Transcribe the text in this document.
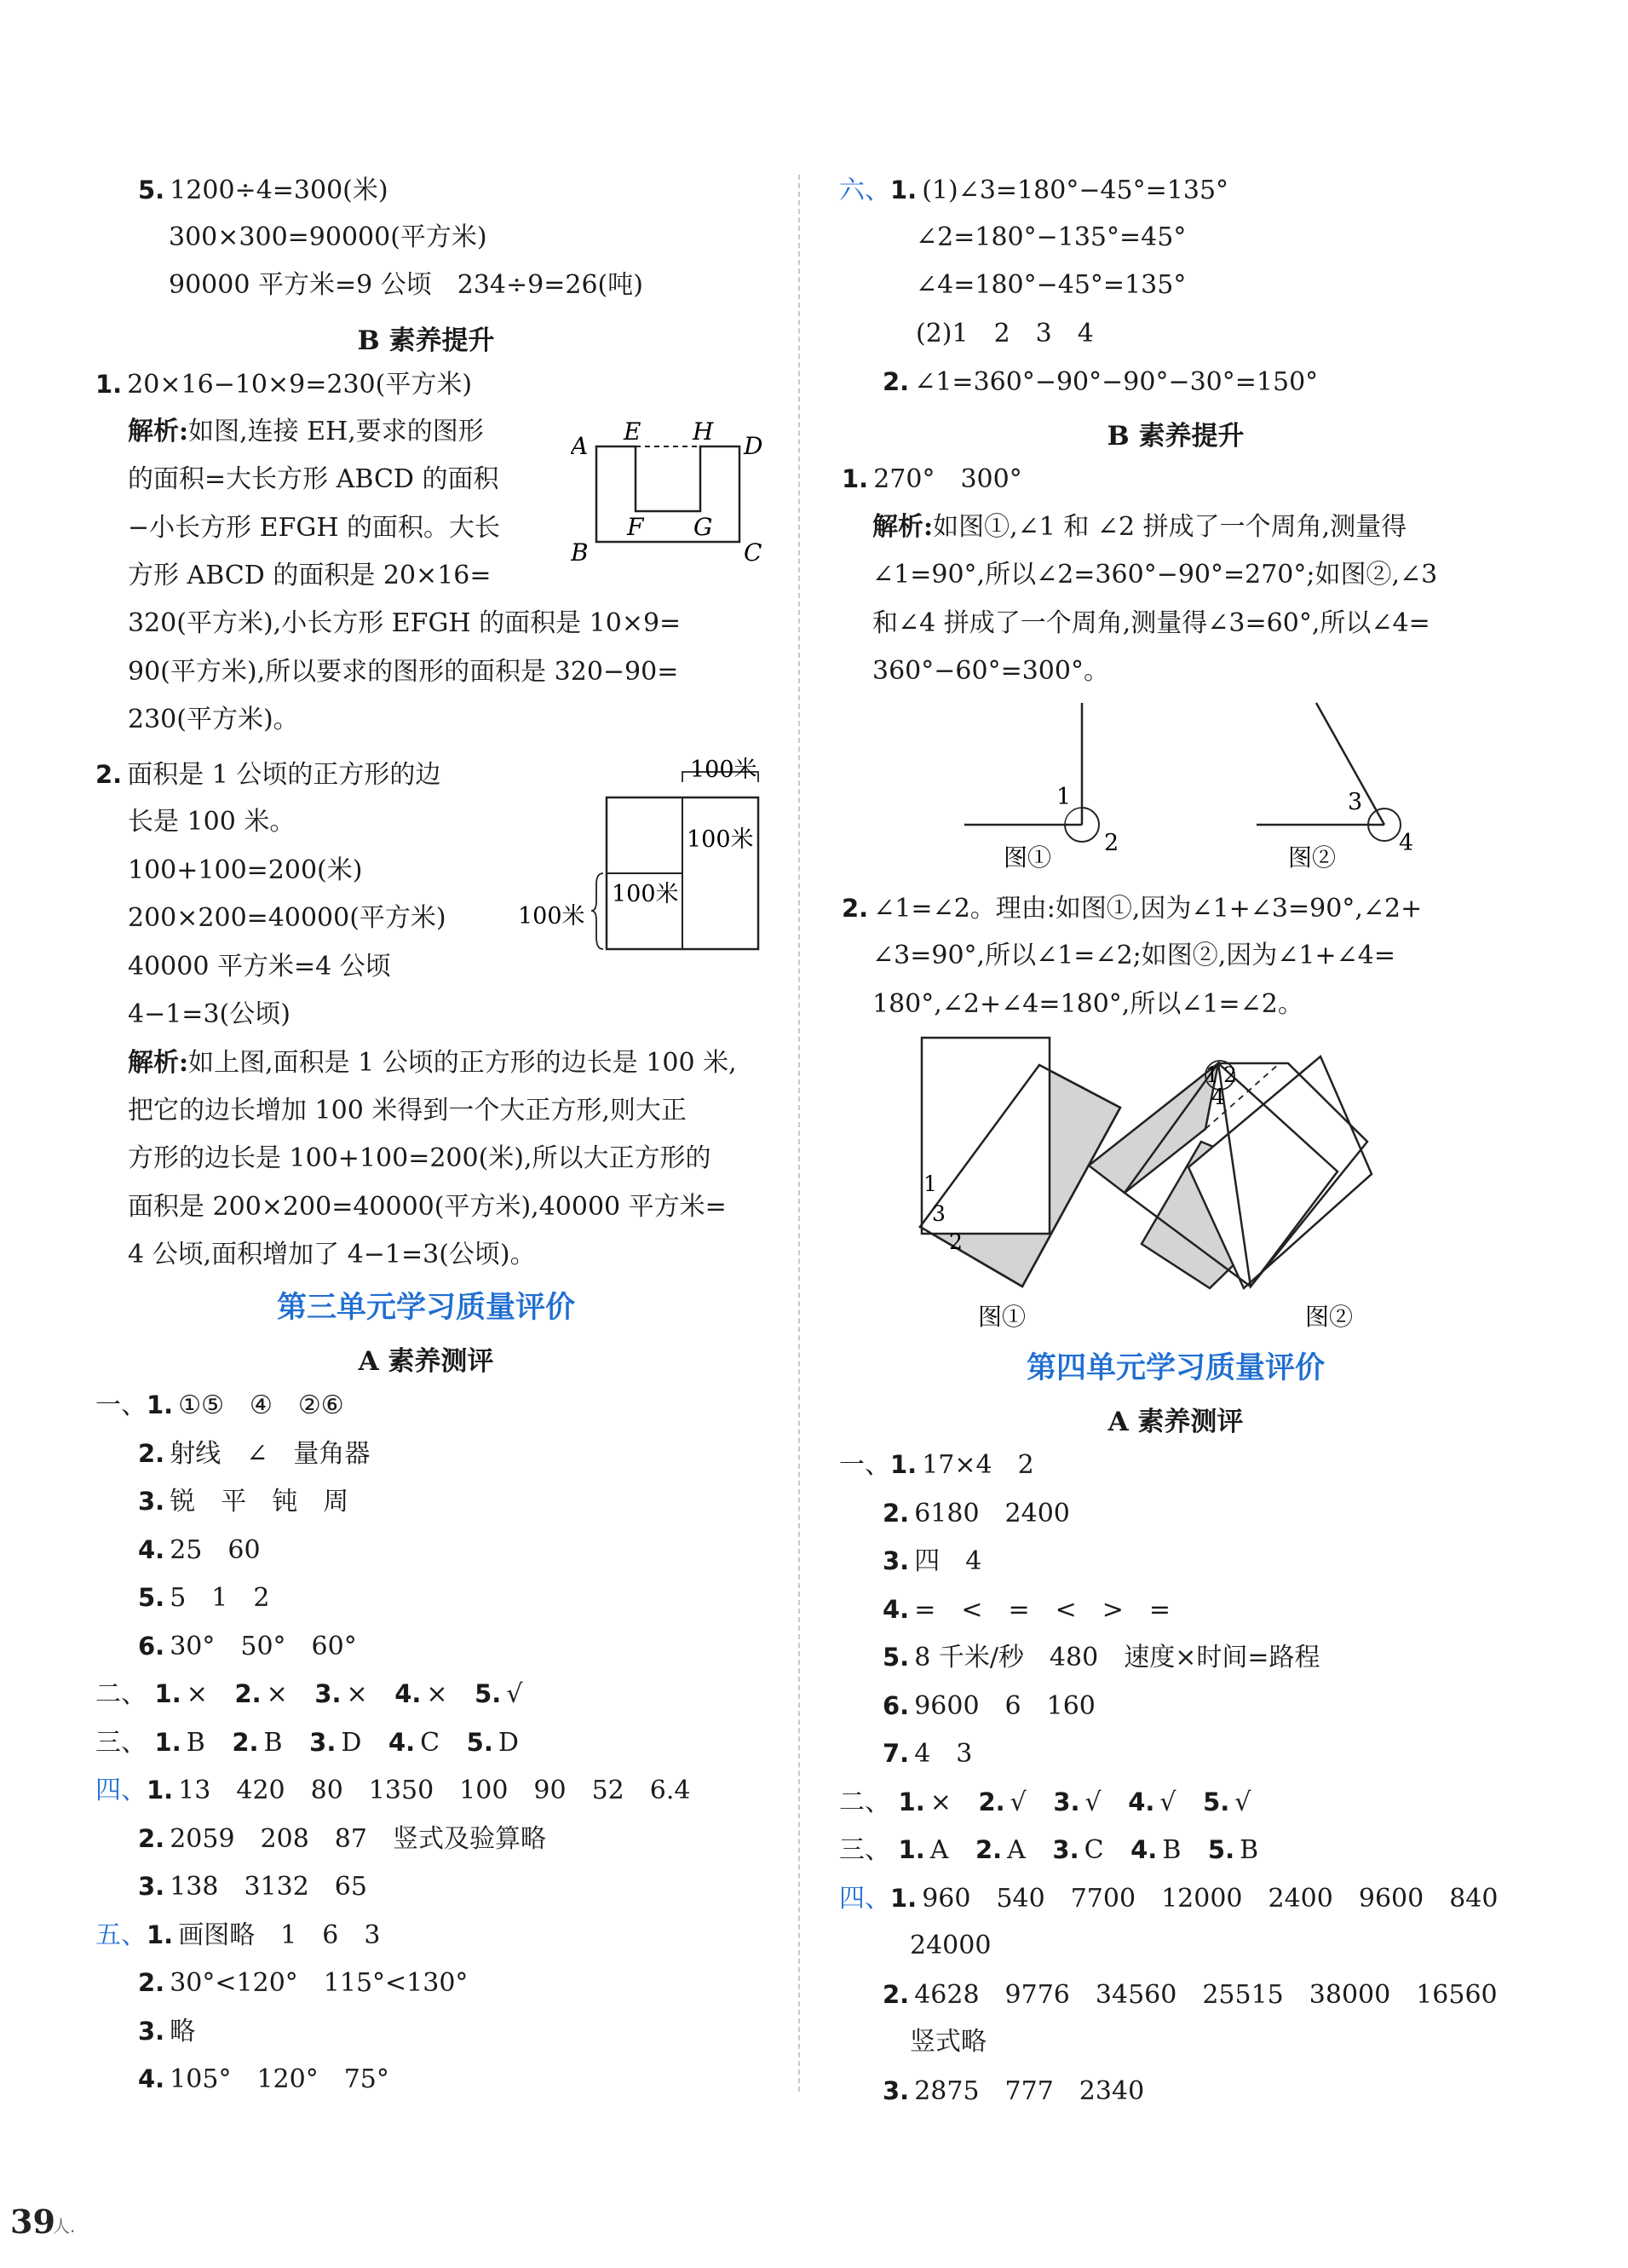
5. 1200÷4=300(米)
300×300=90000(平方米)
90000 平方米=9 公顷　234÷9=26(吨)
B 素养提升
1. 20×16−10×9=230(平方米)
解析:如图,连接 EH,要求的图形
的面积=大长方形 ABCD 的面积
−小长方形 EFGH 的面积。大长
方形 ABCD 的面积是 20×16=
320(平方米),小长方形 EFGH 的面积是 10×9=
90(平方米),所以要求的图形的面积是 320−90=
230(平方米)。
A
E H
D
F G
B	C
2. 面积是 1 公顷的正方形的边
长是 100 米。
100+100=200(米)
200×200=40000(平方米)
40000 平方米=4 公顷
4−1=3(公顷)
100米
100米
100米
100米
解析:如上图,面积是 1 公顷的正方形的边长是 100 米,
把它的边长增加 100 米得到一个大正方形,则大正
方形的边长是 100+100=200(米),所以大正方形的
面积是 200×200=40000(平方米),40000 平方米=
4 公顷,面积增加了 4−1=3(公顷)。
第三单元学习质量评价
A 素养测评
一、1. ①⑤　④　②⑥
2. 射线　∠　量角器
3. 锐　平　钝　周
4. 25　60
5. 5　1　2
6. 30°　50°　60°
二、 1. × 2. × 3. × 4. × 5. √
三、 1. B 2. B 3. D 4. C 5. D
四、1. 13　420　80　1350　100　90　52　6.4
2. 2059　208　87　竖式及验算略
3. 138　3132　65
五、1. 画图略　1　6　3
2. 30°<120°　115°<130°
3. 略
4. 105°　120°　75°
六、1. (1)∠3=180°−45°=135°
∠2=180°−135°=45°
∠4=180°−45°=135°
(2)1　2　3　4
2. ∠1=360°−90°−90°−30°=150°
B 素养提升
1. 270°　300°
解析:如图①,∠1 和 ∠2 拼成了一个周角,测量得
∠1=90°,所以∠2=360°−90°=270°;如图②,∠3
和∠4 拼成了一个周角,测量得∠3=60°,所以∠4=
360°−60°=300°。
1
2
图①
3
4
图②
2. ∠1=∠2。理由:如图①,因为∠1+∠3=90°,∠2+
∠3=90°,所以∠1=∠2;如图②,因为∠1+∠4=
180°,∠2+∠4=180°,所以∠1=∠2。
1
3
2
图①
1 2
4
图②
第四单元学习质量评价
A 素养测评
一、1. 17×4　2
2. 6180　2400
3. 四　4
4. =　<　=　<　>　=
5. 8 千米/秒　480　速度×时间=路程
6. 9600　6　160
7. 4　3
二、 1. × 2. √ 3. √ 4. √ 5. √
三、 1. A 2. A 3. C 4. B 5. B
四、1. 960　540　7700　12000　2400　9600　840
24000
2. 4628　9776　34560　25515　38000　16560
竖式略
3. 2875　777　2340
39
人.
